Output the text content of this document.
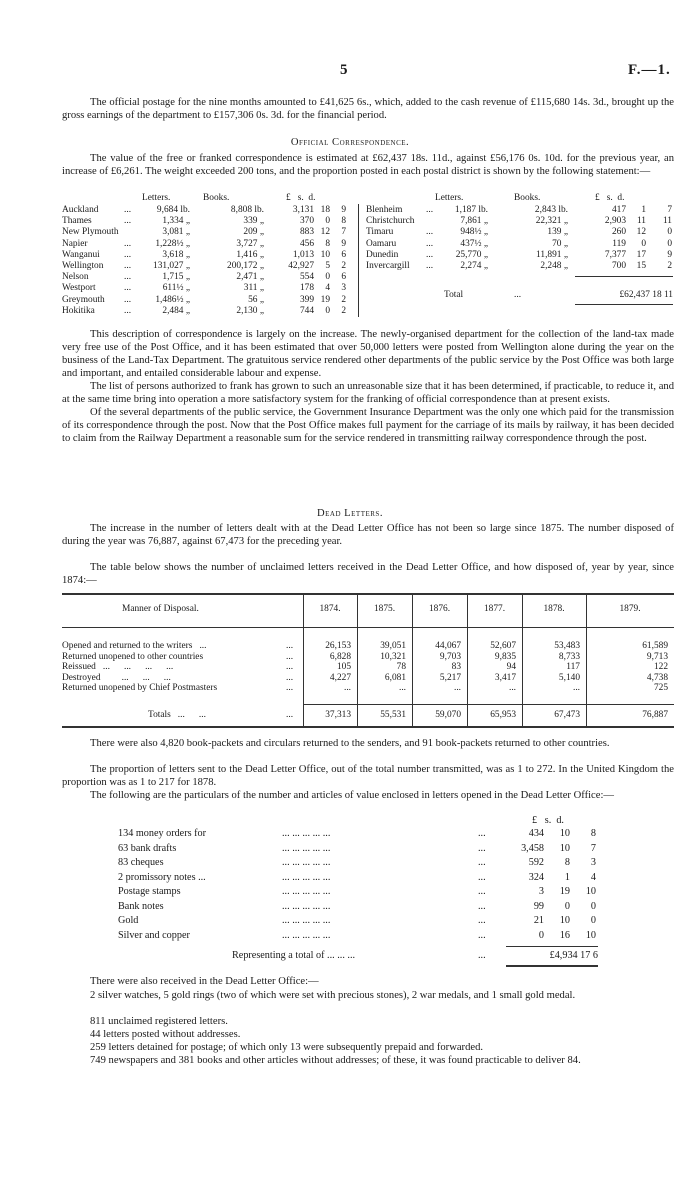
5	F.—1.
The official postage for the nine months amounted to £41,625 6s., which, added to the cash revenue of £115,680 14s. 3d., brought up the gross earnings of the department to £157,306 0s. 3d. for the financial period.
Official Correspondence.
The value of the free or franked correspondence is estimated at £62,437 18s. 11d., against £56,176 0s. 10d. for the previous year, an increase of £6,261. The weight exceeded 200 tons, and the proportion posted in each postal district is shown by the following statement:—
Letters.	Books.	£   s.  d.	Letters.	Books.	£   s.  d.
Auckland	...	9,684 lb.	8,808 lb.	3,131 18	9
Thames	...	1,334 „	339 „	370	0	8
New Plymouth	3,081 „	209 „	883 12	7
Napier	...	1,228½ „	3,727 „	456	8	9
Wanganui	...	3,618 „	1,416 „	1,013 10	6
Wellington ...	131,027 „	200,172 „	42,927	5	2
Nelson	...	1,715 „	2,471 „	554	0	6
Westport	...	611½ „	311 „	178	4	3
Greymouth ...	1,486½ „	56 „	399 19	2
Hokitika	...	2,484 „	2,130 „	744	0	2
Blenheim	...	1,187 lb.	2,843 lb.	417	1	7
Christchurch	7,861 „	22,321 „	2,903	11	11
Timaru	...	948½ „	139 „	260	12	0
Oamaru	...	437½ „	70 „	119	0	0
Dunedin	...	25,770 „	11,891 „	7,377	17	9
Invercargill ...	2,274 „	2,248 „	700	15	2
Total	...	£62,437 18 11
This description of correspondence is largely on the increase. The newly-organised department for the collection of the land-tax made very free use of the Post Office, and it has been estimated that over 50,000 letters were posted from Wellington alone during the year on the business of the Land-Tax Department. The gratuitous service rendered other departments of the public service by the Post Office was both large and important, and entailed considerable labour and expense.
The list of persons authorized to frank has grown to such an unreasonable size that it has been determined, if practicable, to reduce it, and at the same time bring into operation a more satisfactory system for the franking of official correspondence than at present exists.
Of the several departments of the public service, the Government Insurance Department was the only one which paid for the transmission of its correspondence through the post. Now that the Post Office makes full payment for the carriage of its mails by railway, it has been decided to claim from the Railway Department a reasonable sum for the service rendered in transmitting railway correspondence through the post.
Dead Letters.
The increase in the number of letters dealt with at the Dead Letter Office has not been so large since 1875. The number disposed of during the year was 76,887, against 67,473 for the preceding year.
The table below shows the number of unclaimed letters received in the Dead Letter Office, and how disposed of, year by year, since 1874:—
Manner of Disposal.	1874.	1875.	1876.	1877.	1878.	1879.
Opened and returned to the writers   ...	...	26,153	39,051	44,067	52,607	53,483	61,589
Returned unopened to other countries	...	6,828	10,321	9,703	9,835	8,733	9,713
Reissued   ...      ...      ...      ...	...	105	78	83	94	117	122
Destroyed         ...      ...      ...	...	4,227	6,081	5,217	3,417	5,140	4,738
Returned unopened by Chief Postmasters	...	...	...	...	...	...	725
Totals   ...      ...	...	37,313	55,531	59,070	65,953	67,473	76,887
There were also 4,820 book-packets and circulars returned to the senders, and 91 book-packets returned to other countries.
The proportion of letters sent to the Dead Letter Office, out of the total number transmitted, was as 1 to 272. In the United Kingdom the proportion was as 1 to 217 for 1878.
The following are the particulars of the number and articles of value enclosed in letters opened in the Dead Letter Office:—
£   s.  d.
134 money orders for	... ... ... ... ...	...	434	10	8
63 bank drafts	... ... ... ... ...	...	3,458	10	7
83 cheques	... ... ... ... ...	...	592	8	3
2 promissory notes ...	... ... ... ... ...	...	324	1	4
Postage stamps	... ... ... ... ...	...	3	19	10
Bank notes	... ... ... ... ...	...	99	0	0
Gold	... ... ... ... ...	...	21	10	0
Silver and copper	... ... ... ... ...	...	0	16	10
Representing a total of ... ... ...	...	£4,934 17 6
There were also received in the Dead Letter Office:—
2 silver watches, 5 gold rings (two of which were set with precious stones), 2 war medals, and 1 small gold medal.
811 unclaimed registered letters.
44 letters posted without addresses.
259 letters detained for postage; of which only 13 were subsequently prepaid and forwarded.
749 newspapers and 381 books and other articles without addresses; of these, it was found practicable to deliver 84.
